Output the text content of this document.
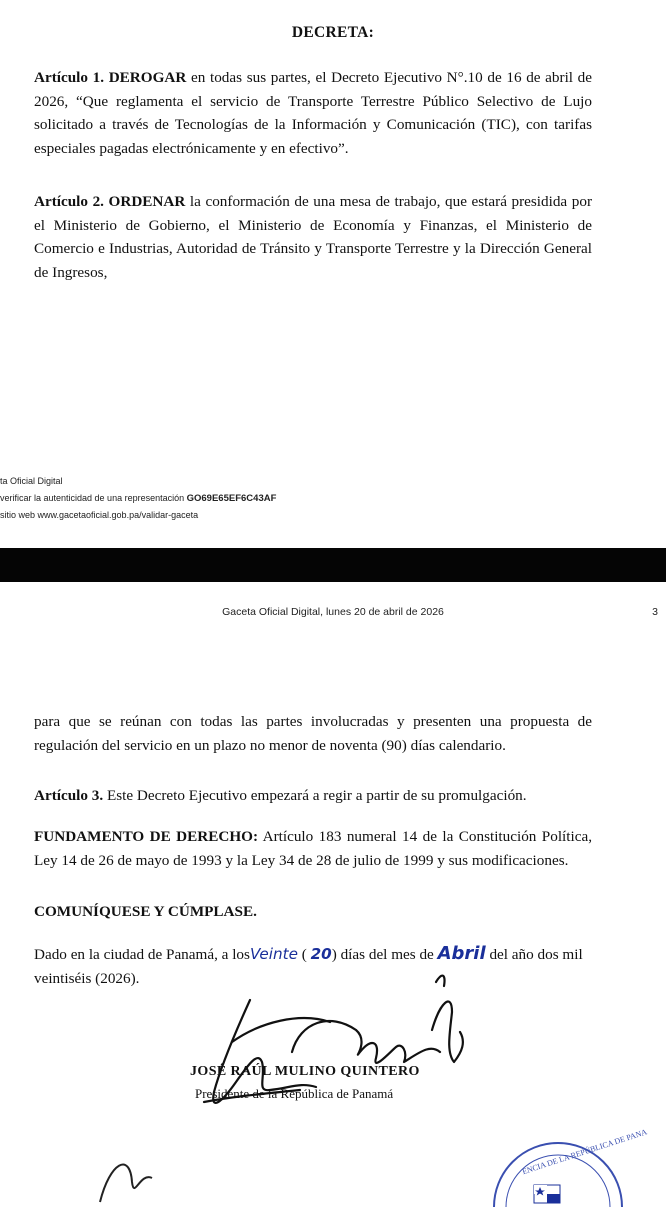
DECRETA:
Artículo 1. DEROGAR en todas sus partes, el Decreto Ejecutivo N°.10 de 16 de abril de 2026, “Que reglamenta el servicio de Transporte Terrestre Público Selectivo de Lujo solicitado a través de Tecnologías de la Información y Comunicación (TIC), con tarifas especiales pagadas electrónicamente y en efectivo”.
Artículo 2. ORDENAR la conformación de una mesa de trabajo, que estará presidida por el Ministerio de Gobierno, el Ministerio de Economía y Finanzas, el Ministerio de Comercio e Industrias, Autoridad de Tránsito y Transporte Terrestre y la Dirección General de Ingresos,
ta Oficial Digital
verificar la autenticidad de una representación GO69E65EF6C43AF
sitio web www.gacetaoficial.gob.pa/validar-gaceta
Gaceta Oficial Digital, lunes 20 de abril de 2026	3
para que se reúnan con todas las partes involucradas y presenten una propuesta de regulación del servicio en un plazo no menor de noventa (90) días calendario.
Artículo 3. Este Decreto Ejecutivo empezará a regir a partir de su promulgación.
FUNDAMENTO DE DERECHO: Artículo 183 numeral 14 de la Constitución Política, Ley 14 de 26 de mayo de 1993 y la Ley 34 de 28 de julio de 1999 y sus modificaciones.
COMUNÍQUESE Y CÚMPLASE.
Dado en la ciudad de Panamá, a losVeinte ( 20) días del mes de Abril del año dos mil veintiséis (2026).
JOSÉ RAÚL MULINO QUINTERO
Presidente de la República de Panamá
ENCIA DE LA REPÚBLICA DE PANA
